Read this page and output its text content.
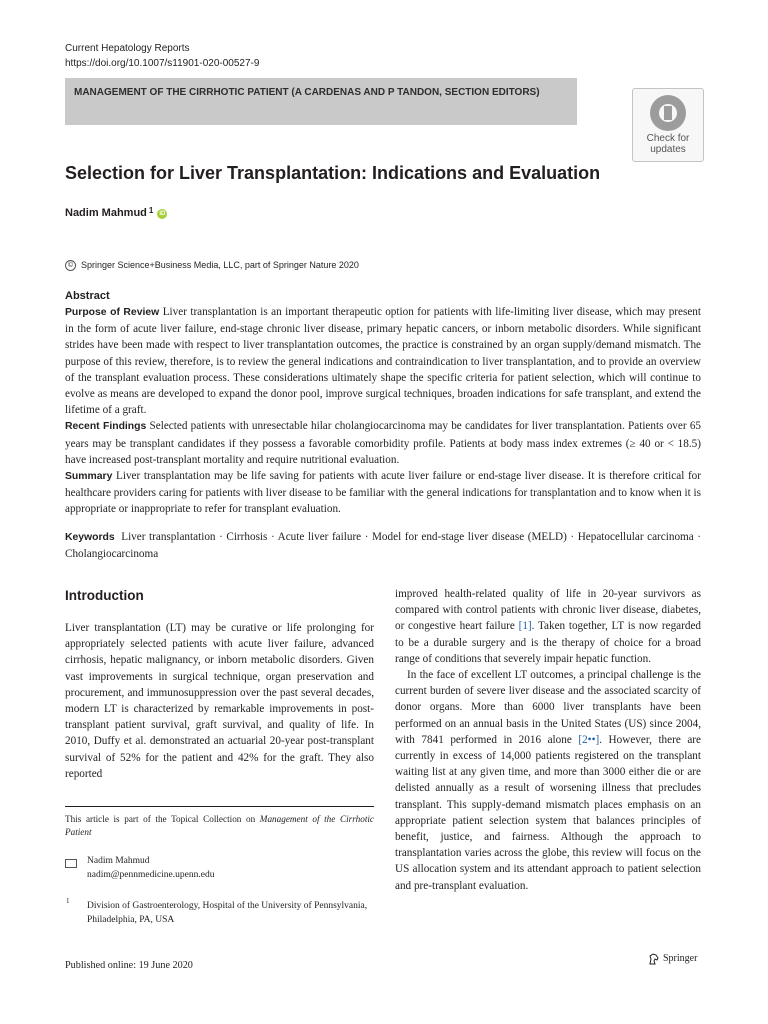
Current Hepatology Reports
https://doi.org/10.1007/s11901-020-00527-9
MANAGEMENT OF THE CIRRHOTIC PATIENT (A CARDENAS AND P TANDON, SECTION EDITORS)
Check for
updates
Selection for Liver Transplantation: Indications and Evaluation
Nadim Mahmud 1	iD
© Springer Science+Business Media, LLC, part of Springer Nature 2020
Abstract

Purpose of Review Liver transplantation is an important therapeutic option for patients with life-limiting liver disease, which may present in the form of acute liver failure, end-stage chronic liver disease, primary hepatic cancers, or inborn metabolic disorders. While significant strides have been made with respect to liver transplantation outcomes, the practice is constrained by an organ supply/demand mismatch. The purpose of this review, therefore, is to review the general indications and contraindication to liver transplantation, and to provide an overview of the transplant evaluation process. These considerations ultimately shape the specific criteria for patient selection, which will continue to evolve as means are developed to expand the donor pool, improve surgical techniques, broaden indications for safe transplant, and extend the lifetime of a graft.

Recent Findings Selected patients with unresectable hilar cholangiocarcinoma may be candidates for liver transplantation. Patients over 65 years may be transplant candidates if they possess a favorable comorbidity profile. Patients at body mass index extremes (≥ 40 or < 18.5) have increased post-transplant mortality and require nutritional evaluation.

Summary Liver transplantation may be life saving for patients with acute liver failure or end-stage liver disease. It is therefore critical for healthcare providers caring for patients with liver disease to be familiar with the general indications for transplantation and to know when it is appropriate or inappropriate to refer for transplant evaluation.

Keywords Liver transplantation · Cirrhosis · Acute liver failure · Model for end-stage liver disease (MELD) · Hepatocellular carcinoma · Cholangiocarcinoma
Introduction

Liver transplantation (LT) may be curative or life prolonging for appropriately selected patients with acute liver failure, advanced cirrhosis, hepatic malignancy, or inborn metabolic disorders. Given vast improvements in surgical technique, organ preservation and procurement, and immunosuppression over the past several decades, modern LT is characterized by remarkable improvements in post-transplant patient survival, graft survival, and quality of life. In 2010, Duffy et al. demonstrated an actuarial 20-year post-transplant survival of 52% for the patient and 42% for the graft. They also reported

improved health-related quality of life in 20-year survivors as compared with control patients with chronic liver disease, diabetes, or congestive heart failure [1]. Taken together, LT is now regarded to be a durable surgery and is the therapy of choice for a broad range of conditions that severely impair hepatic function.

In the face of excellent LT outcomes, a principal challenge is the current burden of severe liver disease and the associated scarcity of donor organs. More than 6000 liver transplants have been performed on an annual basis in the United States (US) since 2004, with 7841 performed in 2016 alone [2••]. However, there are currently in excess of 14,000 patients registered on the transplant waiting list at any given time, and more than 3000 either die or are delisted annually as a result of worsening illness that precludes transplant. This supply-demand mismatch places emphasis on an appropriate patient selection system that balances principles of benefit, justice, and fairness. Although the approach to transplantation varies across the globe, this review will focus on the US allocation system and its attendant approach to patient selection and pre-transplant evaluation.

This article is part of the Topical Collection on Management of the Cirrhotic Patient
Nadim Mahmud
nadim@pennmedicine.upenn.edu
1 Division of Gastroenterology, Hospital of the University of Pennsylvania, Philadelphia, PA, USA
Published online: 19 June 2020
Springer
